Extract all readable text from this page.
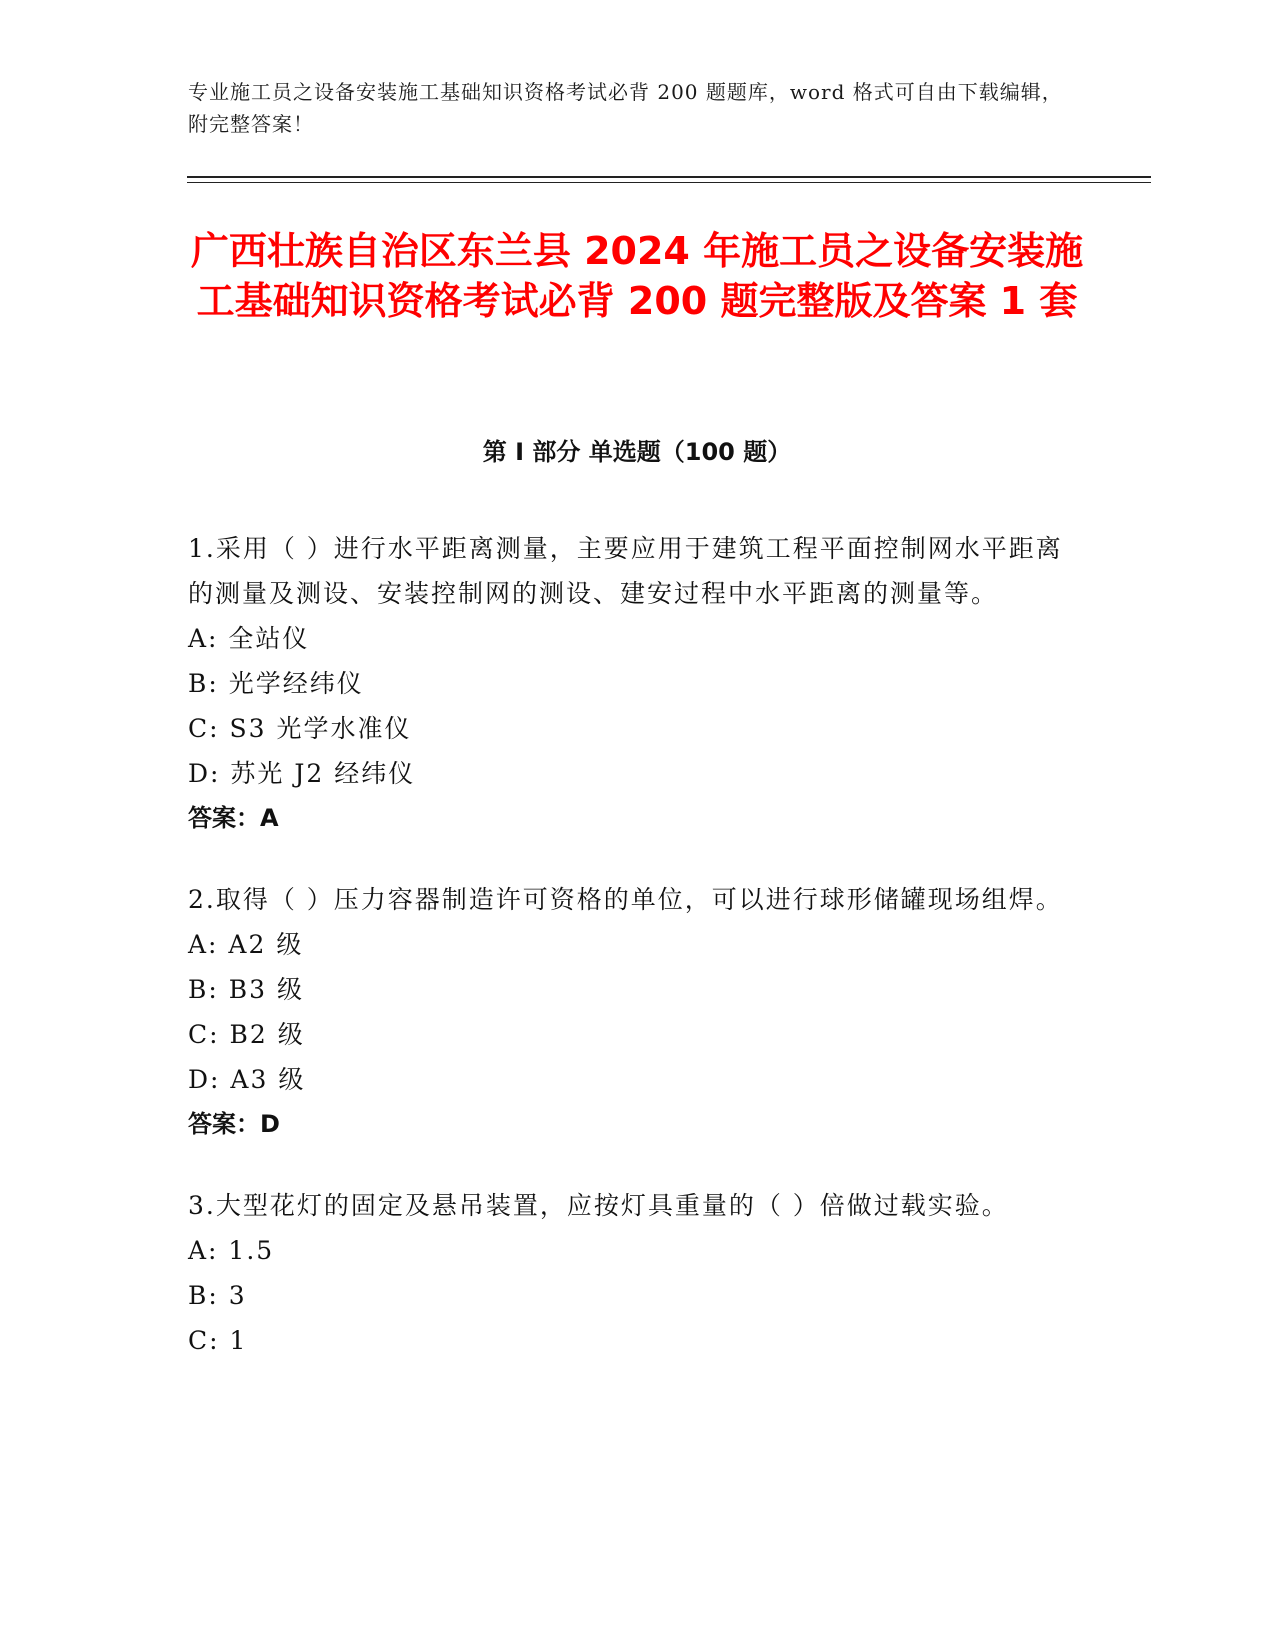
专业施工员之设备安装施工基础知识资格考试必背 200 题题库，word 格式可自由下载编辑，附完整答案！
广西壮族自治区东兰县 2024 年施工员之设备安装施工基础知识资格考试必背 200 题完整版及答案 1 套
第 I 部分 单选题（100 题）
1.采用（ ）进行水平距离测量，主要应用于建筑工程平面控制网水平距离的测量及测设、安装控制网的测设、建安过程中水平距离的测量等。
A: 全站仪
B: 光学经纬仪
C: S3 光学水准仪
D: 苏光 J2 经纬仪
答案：A
2.取得（ ）压力容器制造许可资格的单位，可以进行球形储罐现场组焊。
A: A2 级
B: B3 级
C: B2 级
D: A3 级
答案：D
3.大型花灯的固定及悬吊装置，应按灯具重量的（ ）倍做过载实验。
A: 1.5
B: 3
C: 1
